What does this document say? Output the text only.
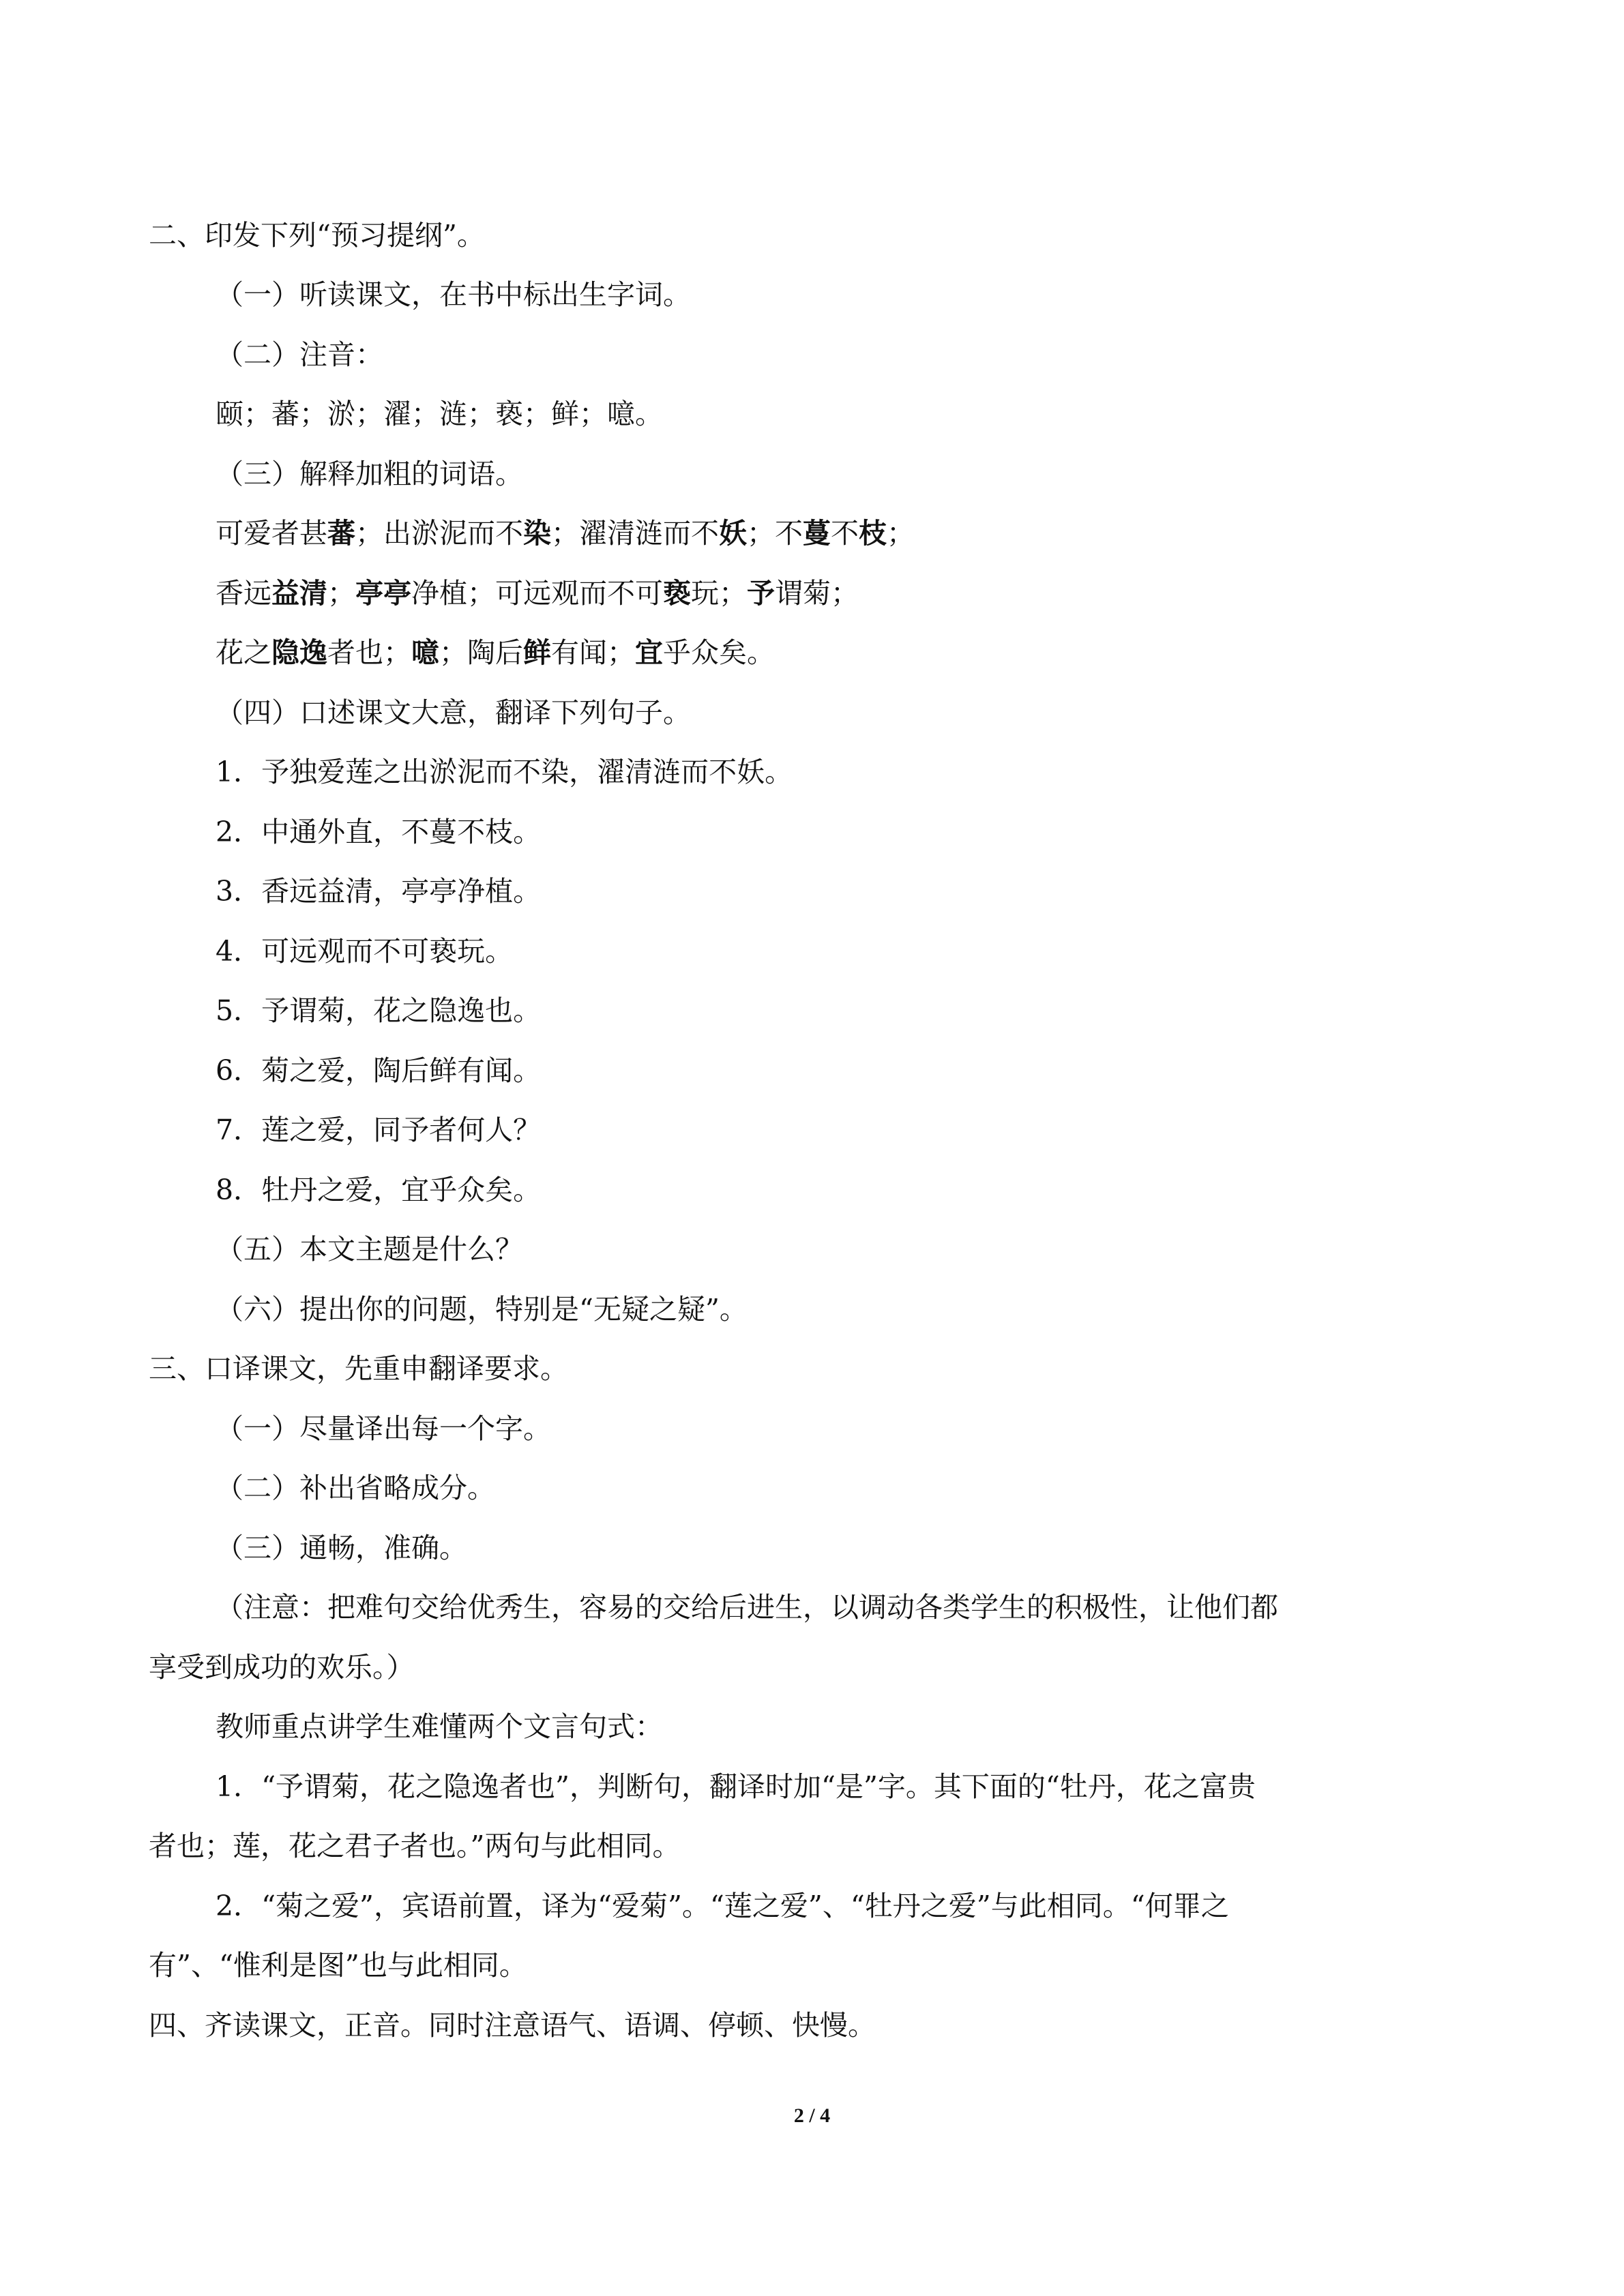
二、印发下列“预习提纲”。

（一）听读课文，在书中标出生字词。

（二）注音：

颐；蕃；淤；濯；涟；亵；鲜；噫。

（三）解释加粗的词语。

可爱者甚蕃；出淤泥而不染；濯清涟而不妖；不蔓不枝；

香远益清；亭亭净植；可远观而不可亵玩；予谓菊；

花之隐逸者也；噫；陶后鲜有闻；宜乎众矣。

（四）口述课文大意，翻译下列句子。

1．予独爱莲之出淤泥而不染，濯清涟而不妖。

2．中通外直，不蔓不枝。

3．香远益清，亭亭净植。

4．可远观而不可亵玩。

5．予谓菊，花之隐逸也。

6．菊之爱，陶后鲜有闻。

7．莲之爱，同予者何人？

8．牡丹之爱，宜乎众矣。

（五）本文主题是什么？

（六）提出你的问题，特别是“无疑之疑”。

三、口译课文，先重申翻译要求。

（一）尽量译出每一个字。

（二）补出省略成分。

（三）通畅，准确。

（注意：把难句交给优秀生，容易的交给后进生，以调动各类学生的积极性，让他们都

享受到成功的欢乐。）

教师重点讲学生难懂两个文言句式：

1．“予谓菊，花之隐逸者也”，判断句，翻译时加“是”字。其下面的“牡丹，花之富贵

者也；莲，花之君子者也。”两句与此相同。

2．“菊之爱”，宾语前置，译为“爱菊”。“莲之爱”、“牡丹之爱”与此相同。“何罪之

有”、“惟利是图”也与此相同。

四、齐读课文，正音。同时注意语气、语调、停顿、快慢。

2 / 4
